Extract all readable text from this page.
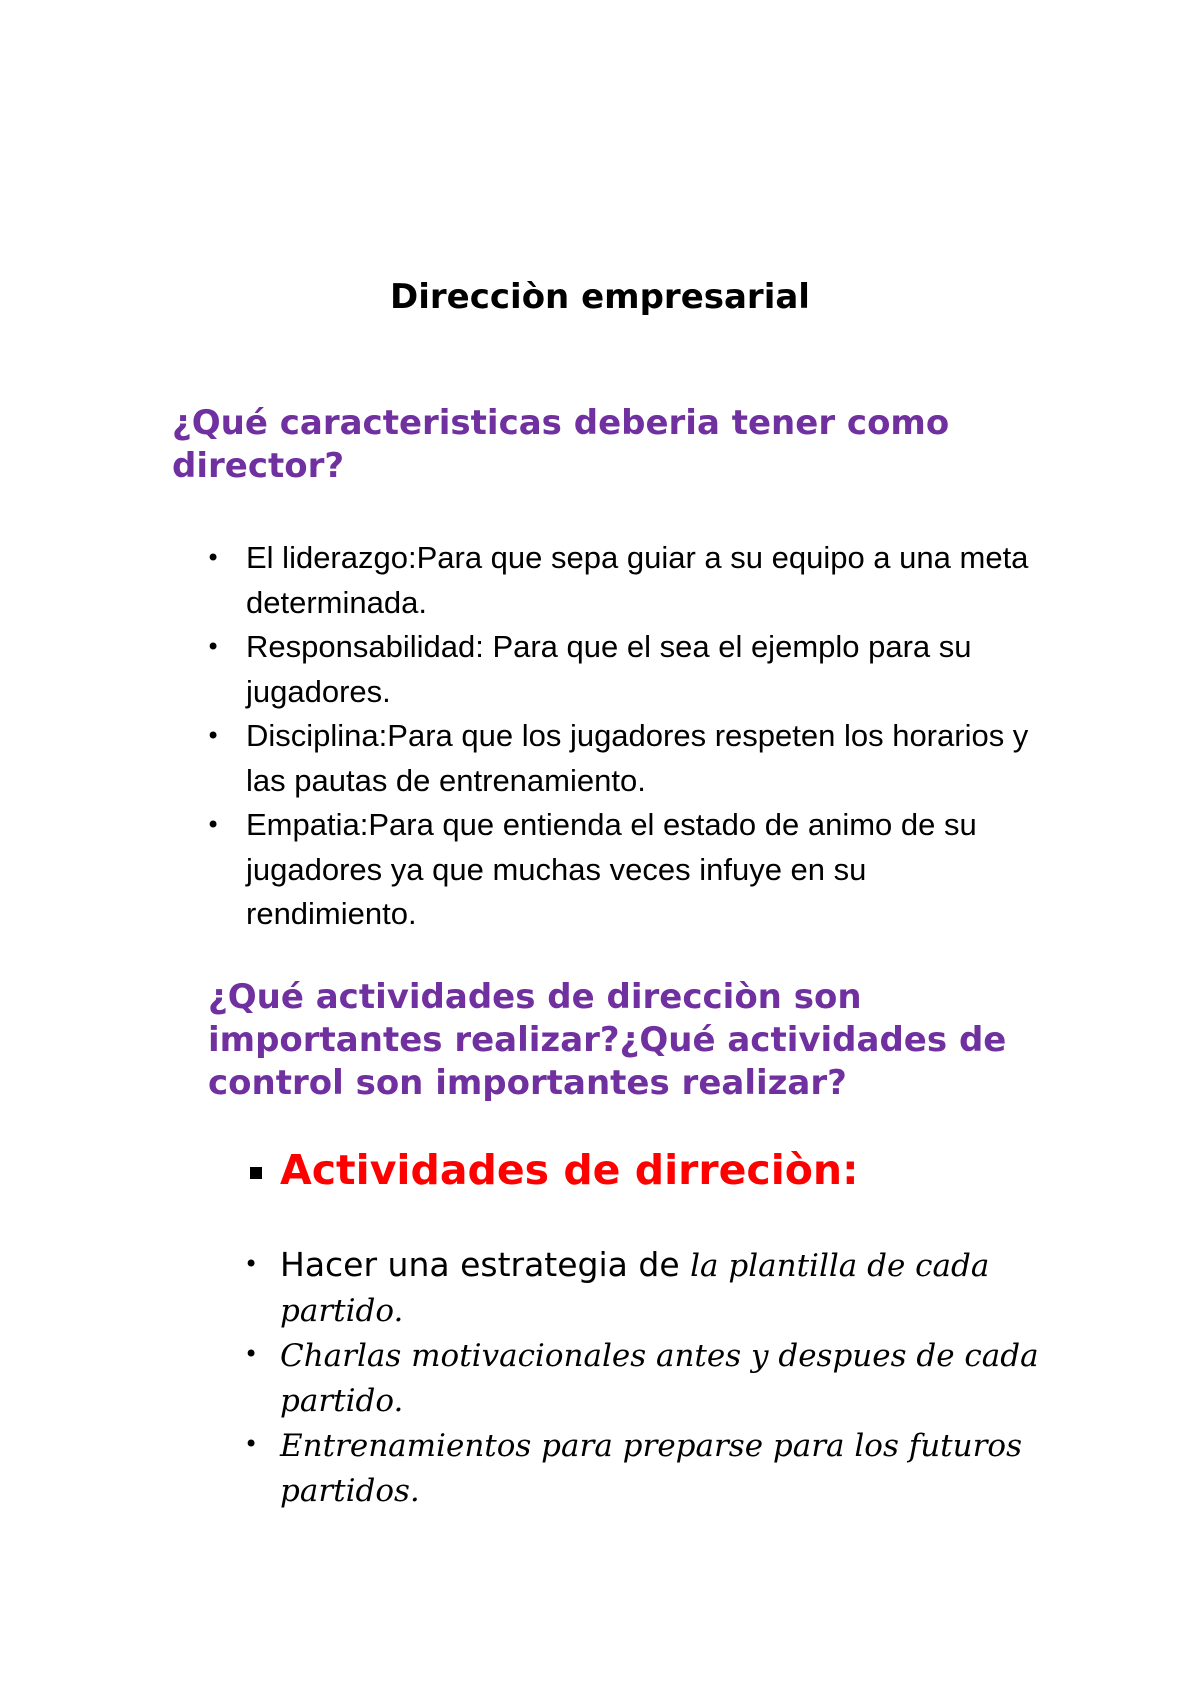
Direcciòn empresarial
¿Qué caracteristicas deberia tener como director?
• El liderazgo:Para que sepa guiar a su equipo a una meta determinada.
• Responsabilidad: Para que el sea el ejemplo para su jugadores.
• Disciplina:Para que los jugadores respeten los horarios y las pautas de entrenamiento.
• Empatia:Para que entienda el estado de animo de su jugadores ya que muchas veces infuye en su rendimiento.
¿Qué actividades de direcciòn son importantes realizar?¿Qué actividades de control son importantes realizar?
Actividades de dirreciòn:
• Hacer una estrategia de la plantilla de cada partido.
• Charlas motivacionales antes y despues de cada partido.
• Entrenamientos para preparse para los futuros partidos.
